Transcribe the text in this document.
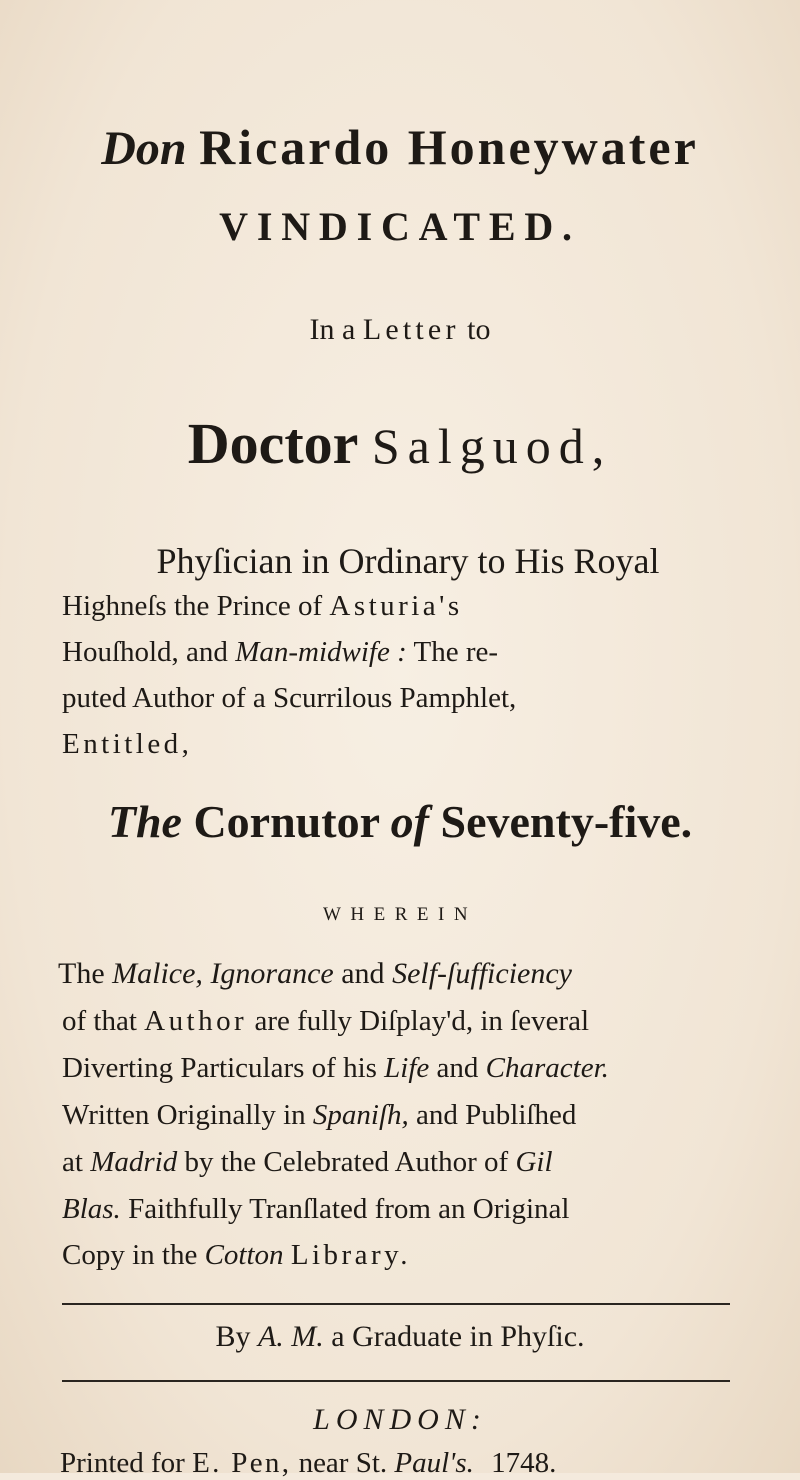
Don Ricardo Honeywater
VINDICATED.
In a Letter to
Doctor Salguod,
Phyſician in Ordinary to His Royal
Highneſs the Prince of Asturia's
Houſhold, and Man-midwife : The re-
puted Author of a Scurrilous Pamphlet,
Entitled,
The Cornutor of Seventy-five.
WHEREIN
The Malice, Ignorance and Self-ſufficiency
of that Author are fully Diſplay'd, in ſeveral
Diverting Particulars of his Life and Character.
Written Originally in Spaniſh, and Publiſhed
at Madrid by the Celebrated Author of Gil
Blas. Faithfully Tranſlated from an Original
Copy in the Cotton Library.
By A. M. a Graduate in Phyſic.
LONDON:
Printed for E. Pen, near St. Paul's. 1748.
